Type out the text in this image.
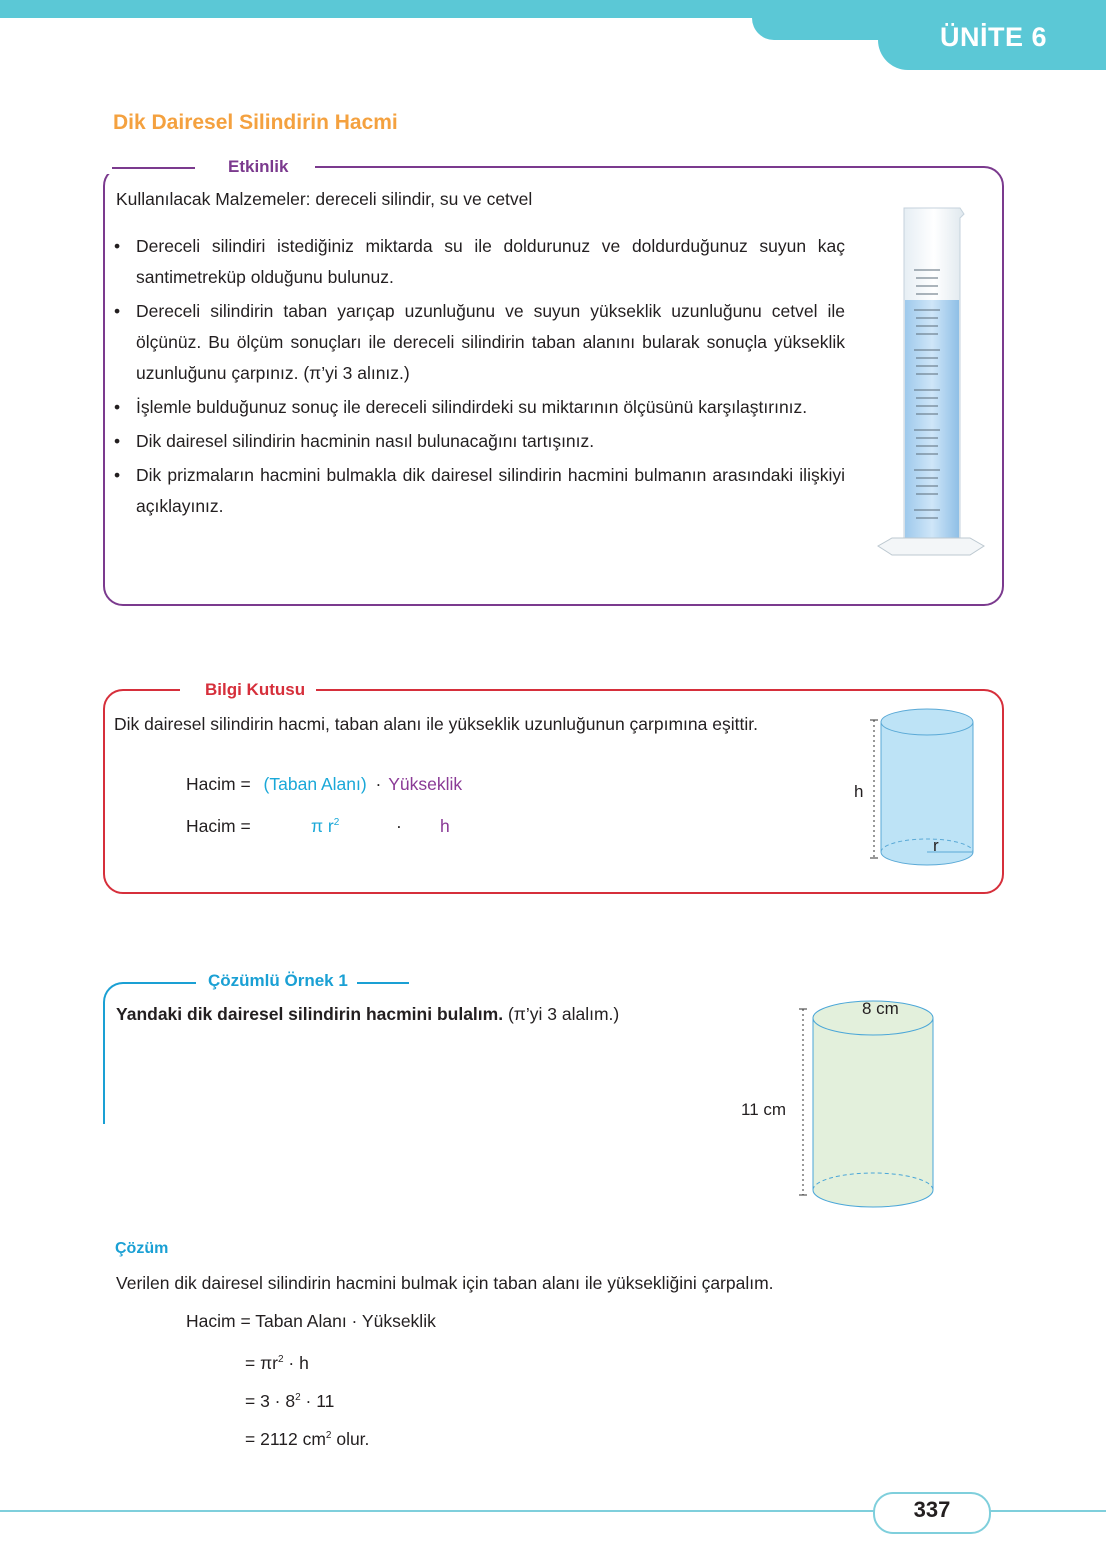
ÜNİTE 6
Dik Dairesel Silindirin Hacmi
Etkinlik
Kullanılacak Malzemeler: dereceli silindir, su ve cetvel
• Dereceli silindiri istediğiniz miktarda su ile doldurunuz ve doldurduğunuz suyun kaç santimetreküp olduğunu bulunuz.
• Dereceli silindirin taban yarıçap uzunluğunu ve suyun yükseklik uzunluğunu cetvel ile ölçünüz. Bu ölçüm sonuçları ile dereceli silindirin taban alanını bularak sonuçla yükseklik uzunluğunu çarpınız. (π’yi 3 alınız.)
• İşlemle bulduğunuz sonuç ile dereceli silindirdeki su miktarının ölçüsünü karşılaştırınız.
• Dik dairesel silindirin hacminin nasıl bulunacağını tartışınız.
• Dik prizmaların hacmini bulmakla dik dairesel silindirin hacmini bulmanın arasındaki ilişkiyi açıklayınız.
Bilgi Kutusu
Dik dairesel silindirin hacmi, taban alanı ile yükseklik uzunluğunun çarpımına eşittir.
Hacim = (Taban Alanı) · Yükseklik
Hacim =	π $r^2$	· h
h
r
Çözümlü Örnek 1
Yandaki dik dairesel silindirin hacmini bulalım. (π’yi 3 alalım.)	8 cm
11 cm
Çözüm
Verilen dik dairesel silindirin hacmini bulmak için taban alanı ile yüksekliğini çarpalım.
Hacim = Taban Alanı · Yükseklik
= $\pi r^2 \cdot h$
= $3 \cdot 8^2 \cdot 11$
= 2112 $cm^2$ olur.
337
